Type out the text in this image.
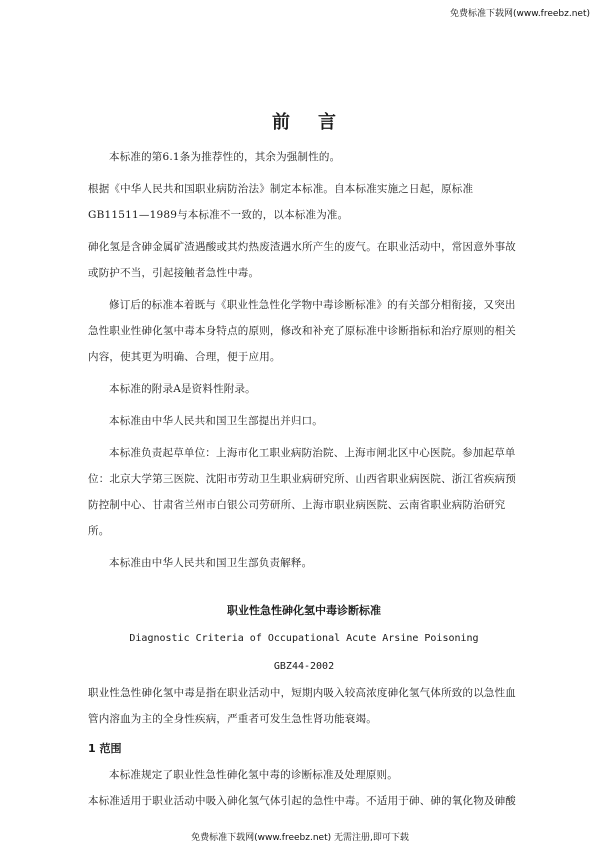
免费标准下载网(www.freebz.net)
前言

本标准的第6.1条为推荐性的，其余为强制性的。

根据《中华人民共和国职业病防治法》制定本标准。自本标准实施之日起，原标准GB11511—1989与本标准不一致的，以本标准为准。

砷化氢是含砷金属矿渣遇酸或其灼热废渣遇水所产生的废气。在职业活动中，常因意外事故或防护不当，引起接触者急性中毒。

修订后的标准本着既与《职业性急性化学物中毒诊断标准》的有关部分相衔接，又突出急性职业性砷化氢中毒本身特点的原则，修改和补充了原标准中诊断指标和治疗原则的相关内容，使其更为明确、合理，便于应用。

本标准的附录A是资料性附录。

本标准由中华人民共和国卫生部提出并归口。

本标准负责起草单位：上海市化工职业病防治院、上海市闸北区中心医院。参加起草单位：北京大学第三医院、沈阳市劳动卫生职业病研究所、山西省职业病医院、浙江省疾病预防控制中心、甘肃省兰州市白银公司劳研所、上海市职业病医院、云南省职业病防治研究所。

本标准由中华人民共和国卫生部负责解释。

职业性急性砷化氢中毒诊断标准
Diagnostic Criteria of Occupational Acute Arsine Poisoning
GBZ44-2002

职业性急性砷化氢中毒是指在职业活动中，短期内吸入较高浓度砷化氢气体所致的以急性血管内溶血为主的全身性疾病，严重者可发生急性肾功能衰竭。

1 范围

本标准规定了职业性急性砷化氢中毒的诊断标准及处理原则。

本标准适用于职业活动中吸入砷化氢气体引起的急性中毒。不适用于砷、砷的氧化物及砷酸

免费标准下载网(www.freebz.net) 无需注册,即可下载
